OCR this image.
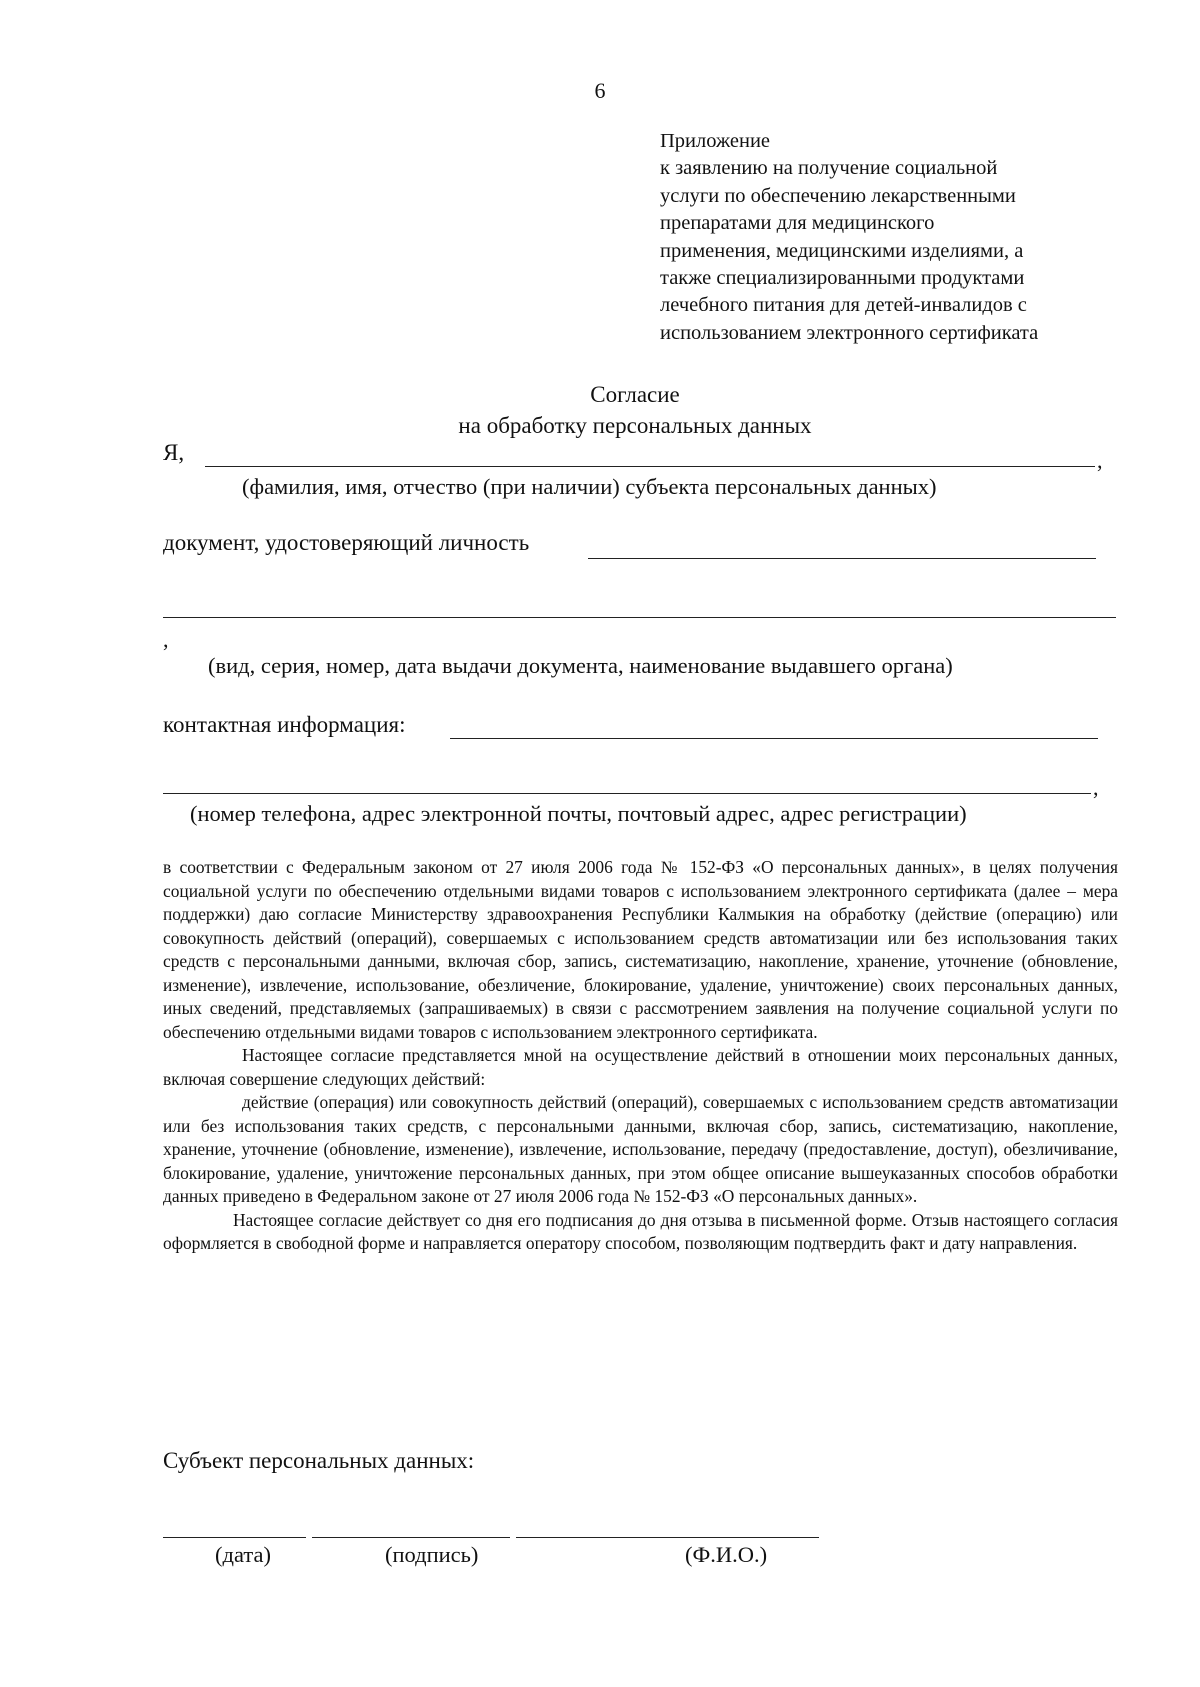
6
Приложение
к заявлению на получение социальной
услуги по обеспечению лекарственными
препаратами для медицинского
применения, медицинскими изделиями, а
также специализированными продуктами
лечебного питания для детей-инвалидов с
использованием электронного сертификата
Согласие
на обработку персональных данных
Я,	,
(фамилия, имя, отчество (при наличии) субъекта персональных данных)
документ, удостоверяющий личность
,
(вид, серия, номер, дата выдачи документа, наименование выдавшего органа)
контактная информация:
,
(номер телефона, адрес электронной почты, почтовый адрес, адрес регистрации)

в соответствии с Федеральным законом от 27 июля 2006 года № 152-ФЗ «О персональных данных», в целях получения социальной услуги по обеспечению отдельными видами товаров с использованием электронного сертификата (далее – мера поддержки) даю согласие Министерству здравоохранения Республики Калмыкия на обработку (действие (операцию) или совокупность действий (операций), совершаемых с использованием средств автоматизации или без использования таких средств с персональными данными, включая сбор, запись, систематизацию, накопление, хранение, уточнение (обновление, изменение), извлечение, использование, обезличение, блокирование, удаление, уничтожение) своих персональных данных, иных сведений, представляемых (запрашиваемых) в связи с рассмотрением заявления на получение социальной услуги по обеспечению отдельными видами товаров с использованием электронного сертификата.

Настоящее согласие представляется мной на осуществление действий в отношении моих персональных данных, включая совершение следующих действий:

действие (операция) или совокупность действий (операций), совершаемых с использованием средств автоматизации или без использования таких средств, с персональными данными, включая сбор, запись, систематизацию, накопление, хранение, уточнение (обновление, изменение), извлечение, использование, передачу (предоставление, доступ), обезличивание, блокирование, удаление, уничтожение персональных данных, при этом общее описание вышеуказанных способов обработки данных приведено в Федеральном законе от 27 июля 2006 года № 152-ФЗ «О персональных данных».

Настоящее согласие действует со дня его подписания до дня отзыва в письменной форме. Отзыв настоящего согласия оформляется в свободной форме и направляется оператору способом, позволяющим подтвердить факт и дату направления.

Субъект персональных данных:
(дата)	(подпись)	(Ф.И.О.)
